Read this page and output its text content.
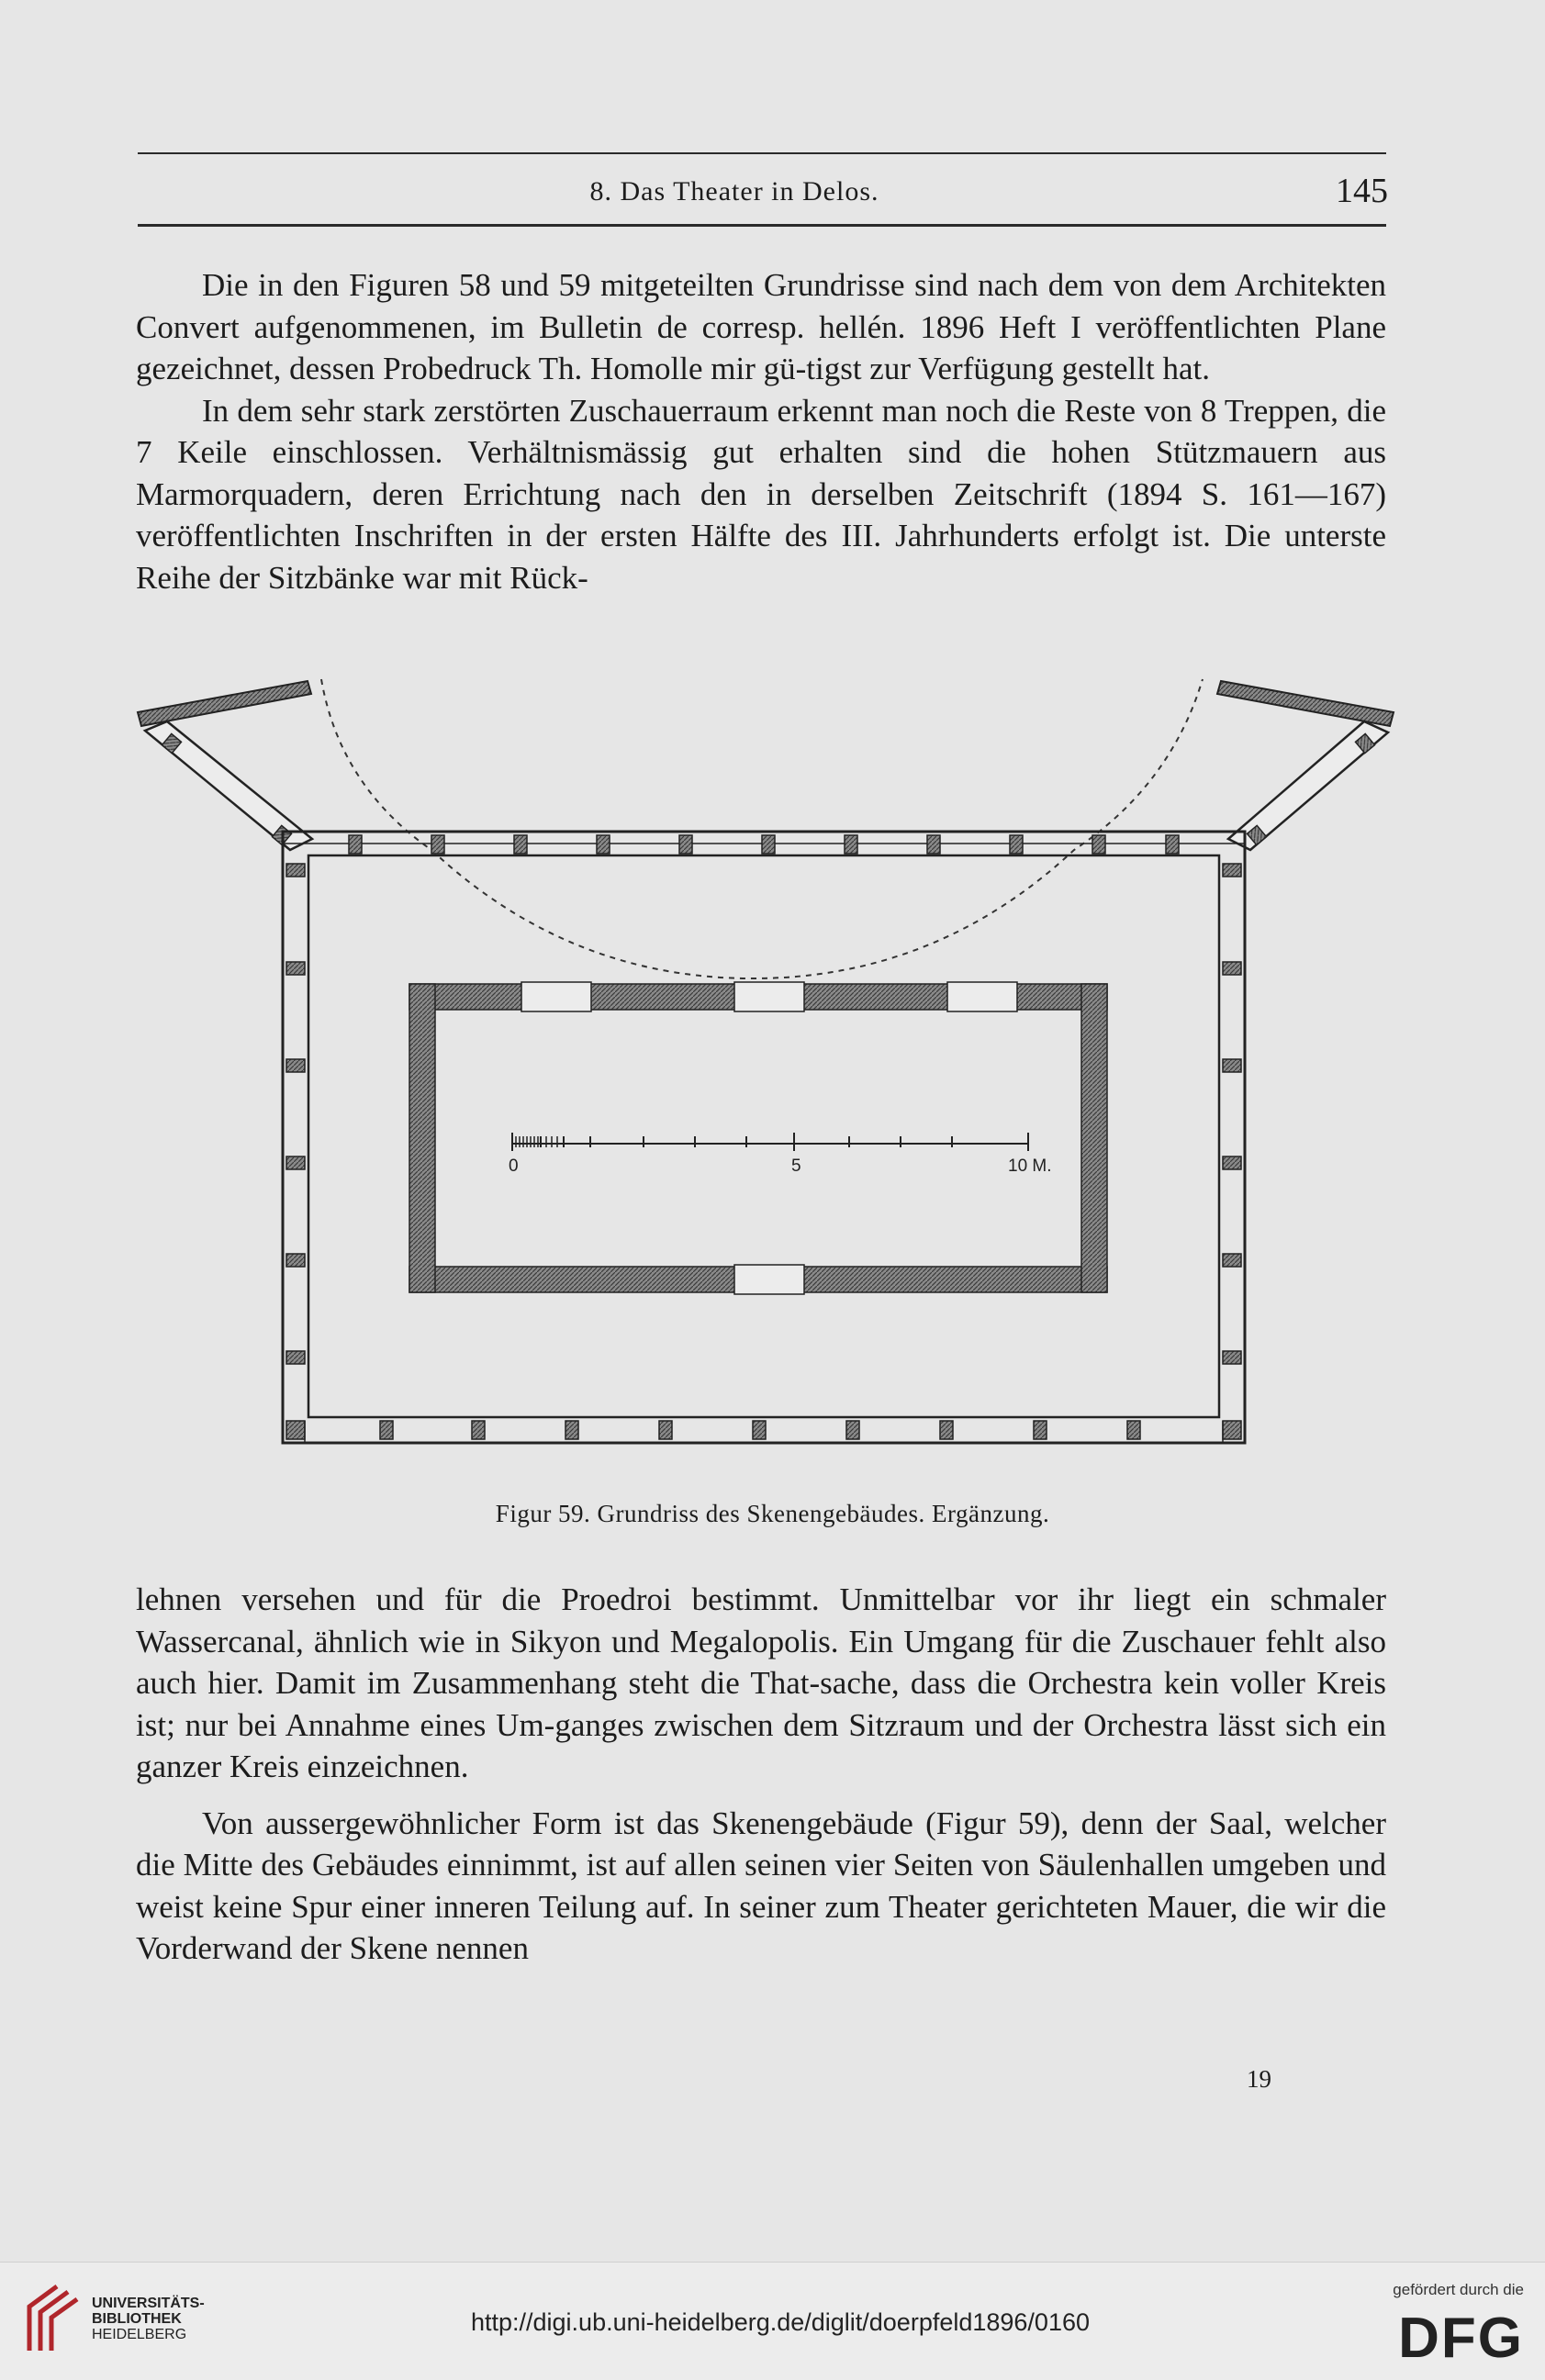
8. Das Theater in Delos.	145

Die in den Figuren 58 und 59 mitgeteilten Grundrisse sind nach dem von dem Architekten Convert aufgenommenen, im Bulletin de corresp. hellén. 1896 Heft I veröffentlichten Plane gezeichnet, dessen Probedruck Th. Homolle mir gü-tigst zur Verfügung gestellt hat.

In dem sehr stark zerstörten Zuschauerraum erkennt man noch die Reste von 8 Treppen, die 7 Keile einschlossen. Verhältnismässig gut erhalten sind die hohen Stützmauern aus Marmorquadern, deren Errichtung nach den in derselben Zeitschrift (1894 S. 161—167) veröffentlichten Inschriften in der ersten Hälfte des III. Jahrhunderts erfolgt ist. Die unterste Reihe der Sitzbänke war mit Rück-

0	5	10 M.
Figur 59. Grundriss des Skenengebäudes. Ergänzung.

lehnen versehen und für die Proedroi bestimmt. Unmittelbar vor ihr liegt ein schmaler Wassercanal, ähnlich wie in Sikyon und Megalopolis. Ein Umgang für die Zuschauer fehlt also auch hier. Damit im Zusammenhang steht die That-sache, dass die Orchestra kein voller Kreis ist; nur bei Annahme eines Um-ganges zwischen dem Sitzraum und der Orchestra lässt sich ein ganzer Kreis einzeichnen.

Von aussergewöhnlicher Form ist das Skenengebäude (Figur 59), denn der Saal, welcher die Mitte des Gebäudes einnimmt, ist auf allen seinen vier Seiten von Säulenhallen umgeben und weist keine Spur einer inneren Teilung auf. In seiner zum Theater gerichteten Mauer, die wir die Vorderwand der Skene nennen

19
UNIVERSITÄTS-
BIBLIOTHEK
HEIDELBERG	http://digi.ub.uni-heidelberg.de/diglit/doerpfeld1896/0160
gefördert durch die
DFG
